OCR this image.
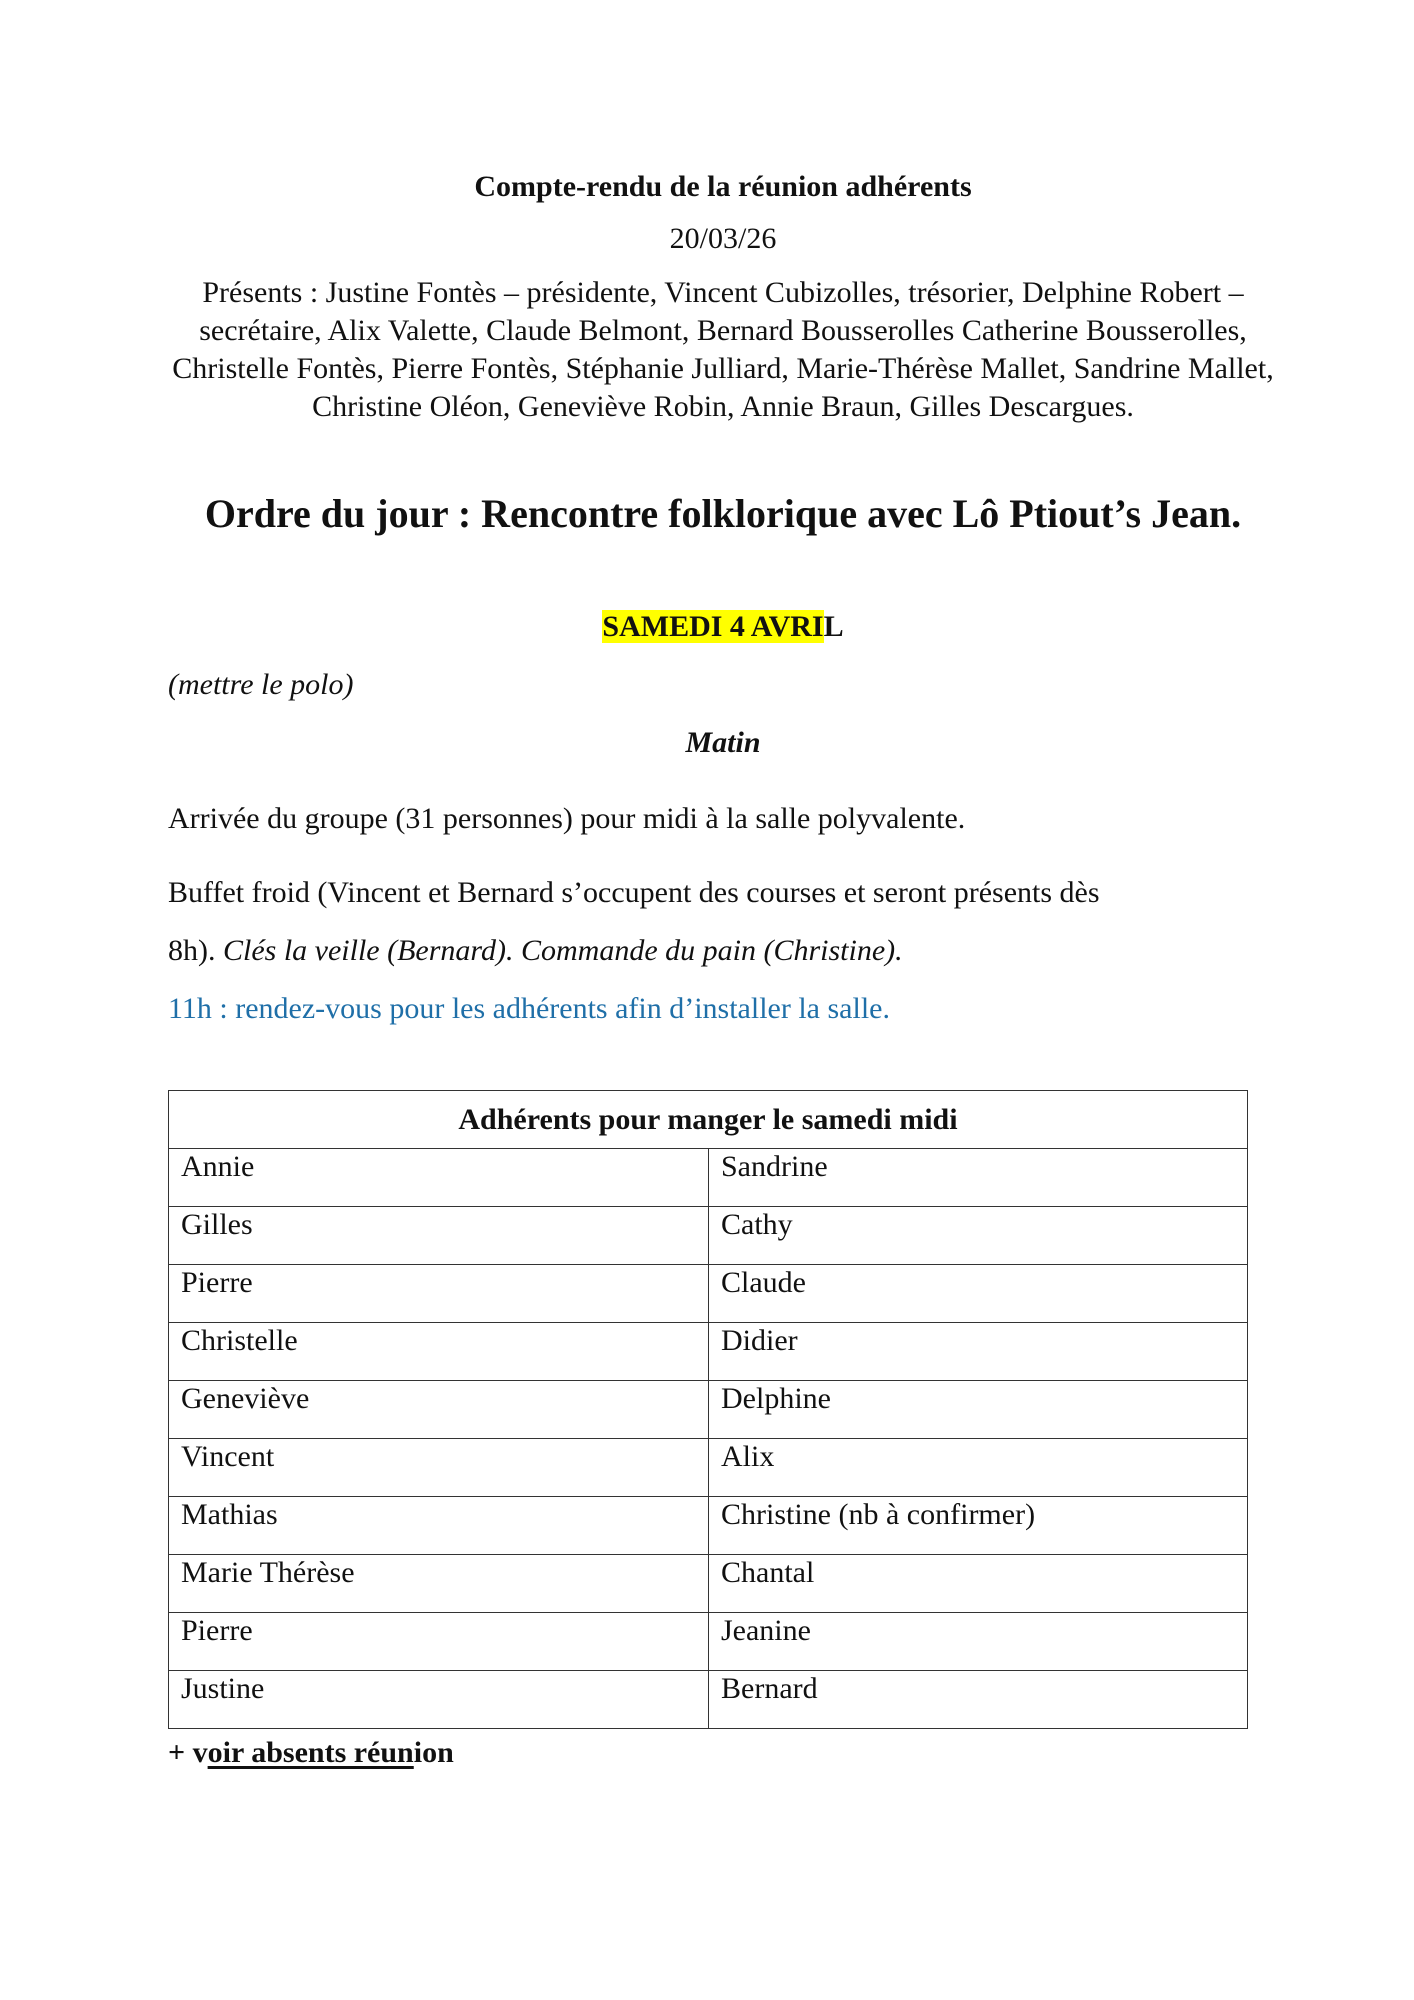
Compte-rendu de la réunion adhérents
20/03/26
Présents : Justine Fontès – présidente, Vincent Cubizolles, trésorier, Delphine Robert – secrétaire, Alix Valette, Claude Belmont, Bernard Bousserolles Catherine Bousserolles, Christelle Fontès, Pierre Fontès, Stéphanie Julliard, Marie-Thérèse Mallet, Sandrine Mallet, Christine Oléon, Geneviève Robin, Annie Braun, Gilles Descargues.
Ordre du jour : Rencontre folklorique avec Lô Ptiout’s Jean.
SAMEDI 4 AVRIL
(mettre le polo)
Matin
Arrivée du groupe (31 personnes) pour midi à la salle polyvalente.
Buffet froid (Vincent et Bernard s’occupent des courses et seront présents dès
8h). Clés la veille (Bernard). Commande du pain (Christine).
11h : rendez-vous pour les adhérents afin d’installer la salle.
Adhérents pour manger le samedi midi	
Annie	Sandrine
Gilles	Cathy
Pierre	Claude
Christelle	Didier
Geneviève	Delphine
Vincent	Alix
Mathias	Christine (nb à confirmer)
Marie Thérèse	Chantal
Pierre	Jeanine
Justine	Bernard
+ voir absents réunion
